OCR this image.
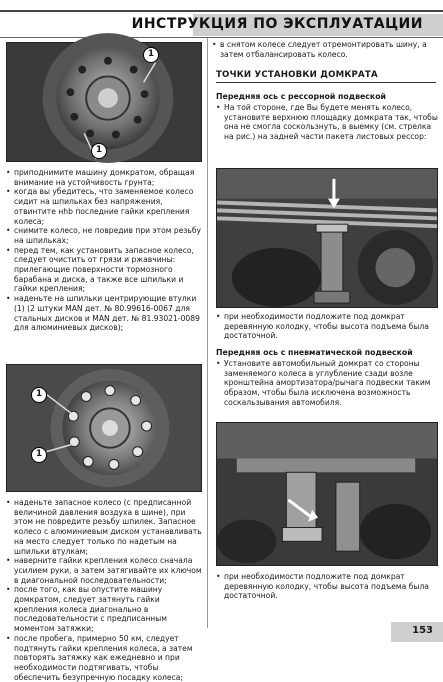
ИНСТРУКЦИЯ ПО ЭКСПЛУАТАЦИИ
1
1

• приподнимите машину домкратом, обращая внимание на устойчивость грунта;

• когда вы убедитесь, что заменяемое колесо сидит на шпильках без напряжения, отвинтите нhb последние гайки крепления колеса;

• снимите колесо, не повредив при этом резьбу на шпильках;

• перед тем, как установить запасное колесо, следует очистить от грязи и ржавчины: прилегающие поверхности тормозного барабана и диска, а также все шпильки и гайки крепления;

• наденьте на шпильки центрирующие втулки (1) (2 штуки MAN дет. № 80.99616-0067 для стальных дисков и MAN дет. № 81.93021-0089 для алюминиевых дисков);

1
1

• наденьте запасное колесо (с предписанной величиной давления воздуха в шине), при этом не повредите резьбу шпилек. Запасное колесо с алюминиевым диском устанавливать на место следует только по надетым на шпильки втулкам;

• наверните гайки крепления колесо сначала усилием руки, а затем затягивайте их ключом в диагональной последовательности;

• после того, как вы опустите машину домкратом, следует затянуть гайки крепления колеса диагонально в последовательности с предписанным моментом затяжки;

• после пробега, примерно 50 км, следует подтянуть гайки крепления колеса, а затем повторять затяжку как ежедневно и при необходимости подтягивать, чтобы обеспечить безупречную посадку колеса;

• в снятом колесе следует отремонтировать шину, а затем отбалансировать колесо.

ТОЧКИ УСТАНОВКИ ДОМКРАТА
Передняя ось с рессорной подвеской

• На той стороне, где Вы будете менять колесо, установите верхнюю площадку домкрата так, чтобы она не смогла соскользнуть, в выемку (см. стрелка на рис.) на задней части пакета листовых рессор:

• при необходимости подложите под домкрат деревянную колодку, чтобы высота подъема была достаточной.

Передняя ось с пневматической подвеской

• Установите автомобильный домкрат со стороны заменяемого колеса в углубление сзади возле кронштейна амортизатора/рычага подвески таким образом, чтобы была исключена возможность соскальзывания автомобиля.

• при необходимости подложите под домкрат деревянную колодку, чтобы высота подъема была достаточной.

153
